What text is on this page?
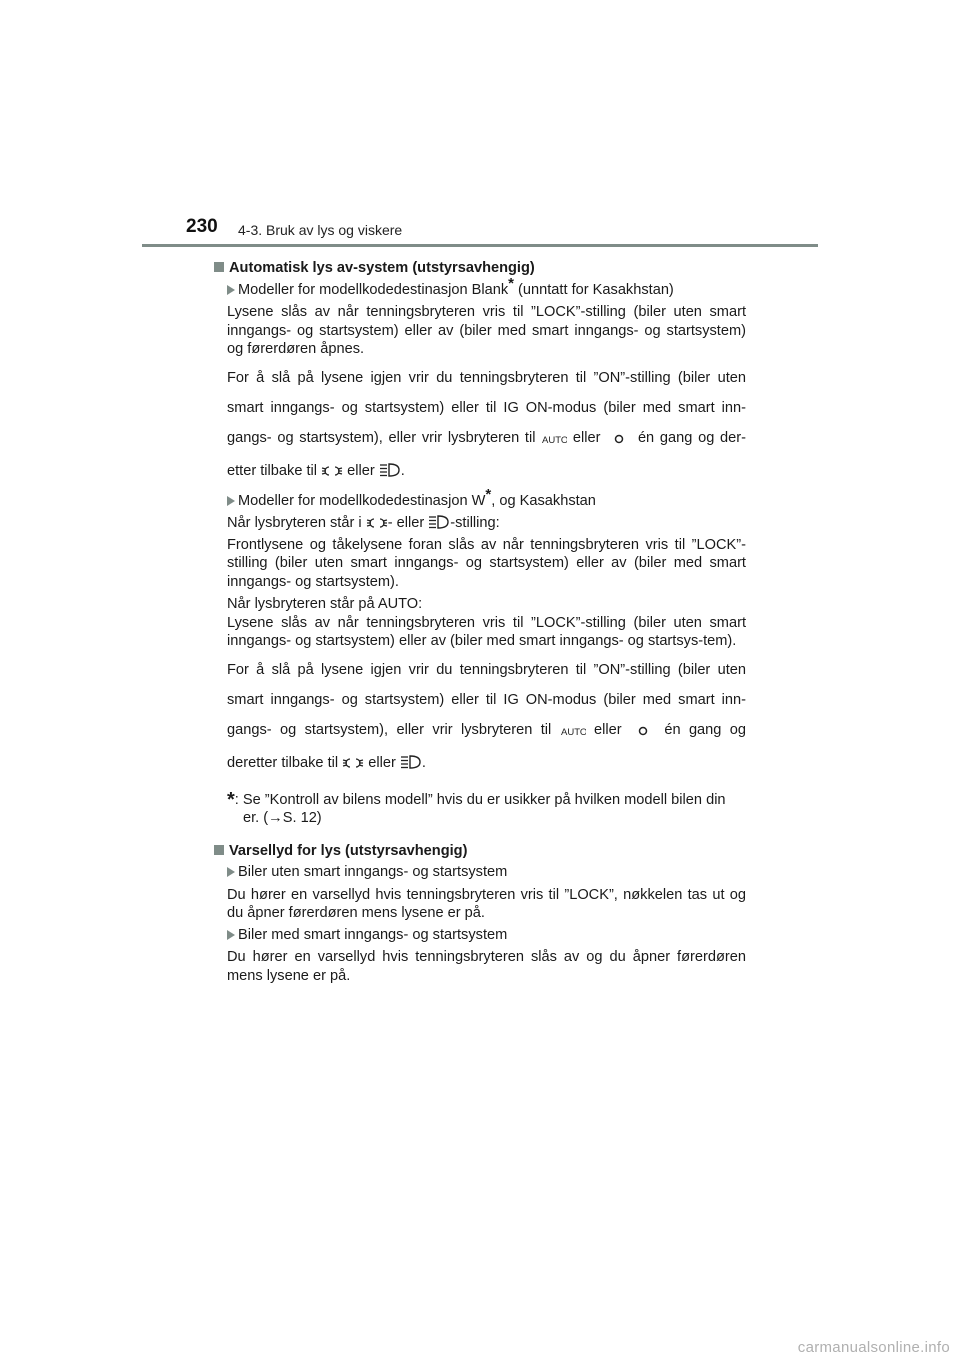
230 4-3. Bruk av lys og viskere
Automatisk lys av-system (utstyrsavhengig)
Modeller for modellkodedestinasjon Blank* (unntatt for Kasakhstan)
Lysene slås av når tenningsbryteren vris til ”LOCK”-stilling (biler uten smart inngangs- og startsystem) eller av (biler med smart inngangs- og startsystem) og førerdøren åpnes.
For å slå på lysene igjen vrir du tenningsbryteren til ”ON”-stilling (biler uten smart inngangs- og startsystem) eller til IG ON-modus (biler med smart inn-gangs- og startsystem), eller vrir lysbryteren til AUTO
eller  én gang og der-etter tilbake til  eller .
Modeller for modellkodedestinasjon W*, og Kasakhstan
Når lysbryteren står i - eller -stilling:
Frontlysene og tåkelysene foran slås av når tenningsbryteren vris til ”LOCK”-stilling (biler uten smart inngangs- og startsystem) eller av (biler med smart inngangs- og startsystem).
Når lysbryteren står på AUTO:
Lysene slås av når tenningsbryteren vris til ”LOCK”-stilling (biler uten smart inngangs- og startsystem) eller av (biler med smart inngangs- og startsys-tem).
For å slå på lysene igjen vrir du tenningsbryteren til ”ON”-stilling (biler uten smart inngangs- og startsystem) eller til IG ON-modus (biler med smart inn-gangs- og startsystem), eller vrir lysbryteren til AUTO
eller  én gang og deretter tilbake til  eller .
*: Se ”Kontroll av bilens modell” hvis du er usikker på hvilken modell bilen din
er. (→S. 12)
Varsellyd for lys (utstyrsavhengig)
Biler uten smart inngangs- og startsystem
Du hører en varsellyd hvis tenningsbryteren vris til ”LOCK”, nøkkelen tas ut og du åpner førerdøren mens lysene er på.
Biler med smart inngangs- og startsystem
Du hører en varsellyd hvis tenningsbryteren slås av og du åpner førerdøren mens lysene er på.
carmanualsonline.info
